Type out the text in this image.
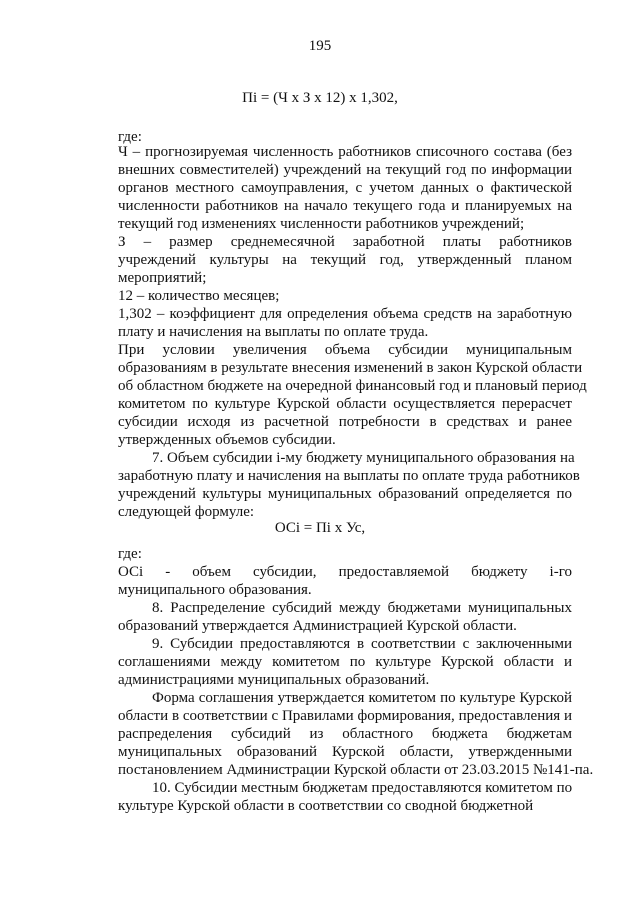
195
Пi = (Ч х З х 12) х 1,302,
где:
Ч – прогнозируемая численность работников списочного состава (без
внешних совместителей) учреждений на текущий год по информации
органов местного самоуправления, с учетом данных о фактической
численности работников на начало текущего года и планируемых на
текущий год изменениях численности работников учреждений;
З – размер среднемесячной заработной платы работников
учреждений культуры на текущий год, утвержденный планом
мероприятий;
12 – количество месяцев;
1,302 – коэффициент для определения объема средств на заработную
плату и начисления на выплаты по оплате труда.
При условии увеличения объема субсидии муниципальным
образованиям в результате внесения изменений в закон Курской области
об областном бюджете на очередной финансовый год и плановый период
комитетом по культуре Курской области осуществляется перерасчет
субсидии исходя из расчетной потребности в средствах и ранее
утвержденных объемов субсидии.
7. Объем субсидии i-му бюджету муниципального образования на
заработную плату и начисления на выплаты по оплате труда работников
учреждений культуры муниципальных образований определяется по
следующей формуле:
ОСi = Пi х Ус,
где:
ОСi - объем субсидии, предоставляемой бюджету i-го
муниципального образования.
8. Распределение субсидий между бюджетами муниципальных
образований утверждается Администрацией Курской области.
9. Субсидии предоставляются в соответствии с заключенными
соглашениями между комитетом по культуре Курской области и
администрациями муниципальных образований.
Форма соглашения утверждается комитетом по культуре Курской
области в соответствии с Правилами формирования, предоставления и
распределения субсидий из областного бюджета бюджетам
муниципальных образований Курской области, утвержденными
постановлением Администрации Курской области от 23.03.2015 №141-па.
10. Субсидии местным бюджетам предоставляются комитетом по
культуре Курской области в соответствии со сводной бюджетной
